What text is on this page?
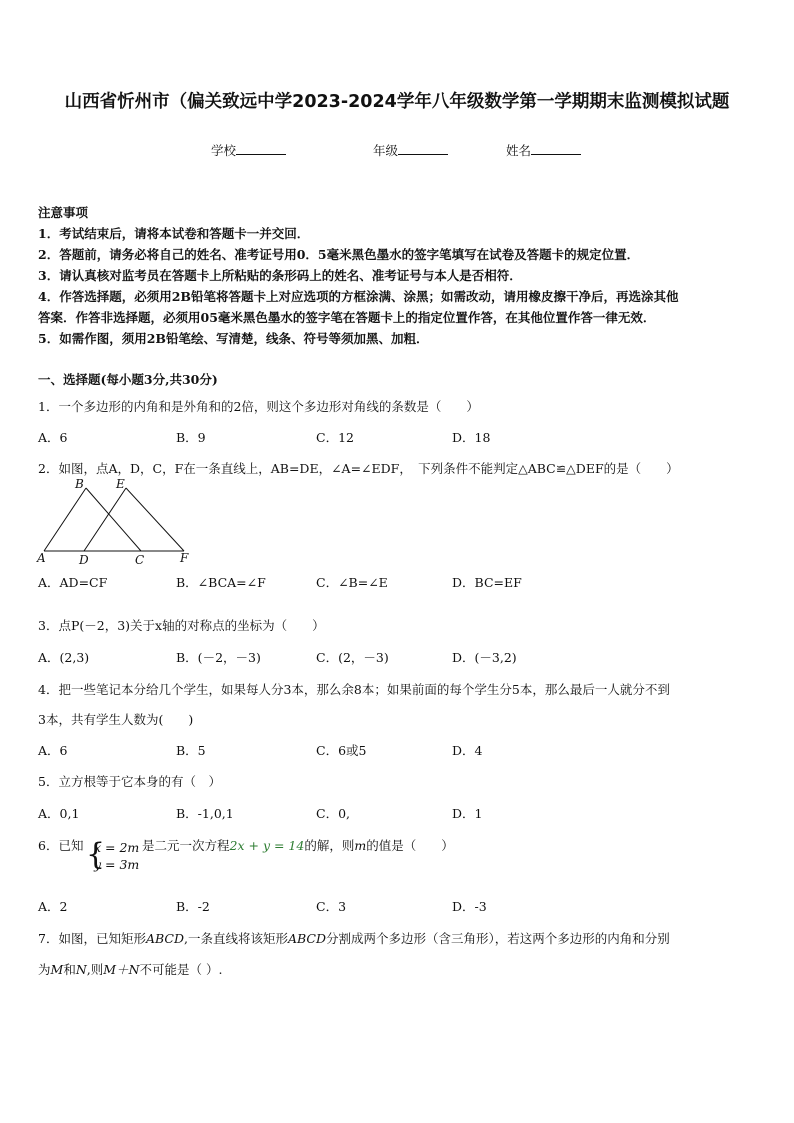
山西省忻州市（偏关致远中学2023-2024学年八年级数学第一学期期末监测模拟试题
学校	年级	姓名
注意事项
1．考试结束后，请将本试卷和答题卡一并交回．
2．答题前，请务必将自己的姓名、准考证号用0．5毫米黑色墨水的签字笔填写在试卷及答题卡的规定位置．
3．请认真核对监考员在答题卡上所粘贴的条形码上的姓名、准考证号与本人是否相符．
4．作答选择题，必须用2B铅笔将答题卡上对应选项的方框涂满、涂黑；如需改动，请用橡皮擦干净后，再选涂其他
答案．作答非选择题，必须用05毫米黑色墨水的签字笔在答题卡上的指定位置作答，在其他位置作答一律无效．
5．如需作图，须用2B铅笔绘、写清楚，线条、符号等须加黑、加粗．
一、选择题(每小题3分,共30分)
1．一个多边形的内角和是外角和的2倍，则这个多边形对角线的条数是（　　）
A．6	B．9	C．12	D．18
2．如图，点A，D，C，F在一条直线上，AB=DE，∠A=∠EDF，　下列条件不能判定△ABC≌△DEF的是（　　）
B	E
A	D	C	F
A．AD=CF	B．∠BCA=∠F	C．∠B=∠E	D．BC=EF
3．点P(－2，3)关于x轴的对称点的坐标为（　　）
A．(2,3)	B．(－2，－3)	C．(2，－3)	D．(－3,2)
4．把一些笔记本分给几个学生，如果每人分3本，那么余8本；如果前面的每个学生分5本，那么最后一人就分不到
3本，共有学生人数为(　　)
A．6	B．5	C．6或5	D．4
5．立方根等于它本身的有（　）
A．0,1	B．-1,0,1	C．0,	D．1
6．已知 {
x = 2m
y = 3m
是二元一次方程2x + y = 14的解，则m的值是（　　）
A．2	B．-2	C．3	D．-3
7．如图，已知矩形ABCD,一条直线将该矩形ABCD分割成两个多边形（含三角形），若这两个多边形的内角和分别
为M和N,则M＋N不可能是（ ）.
